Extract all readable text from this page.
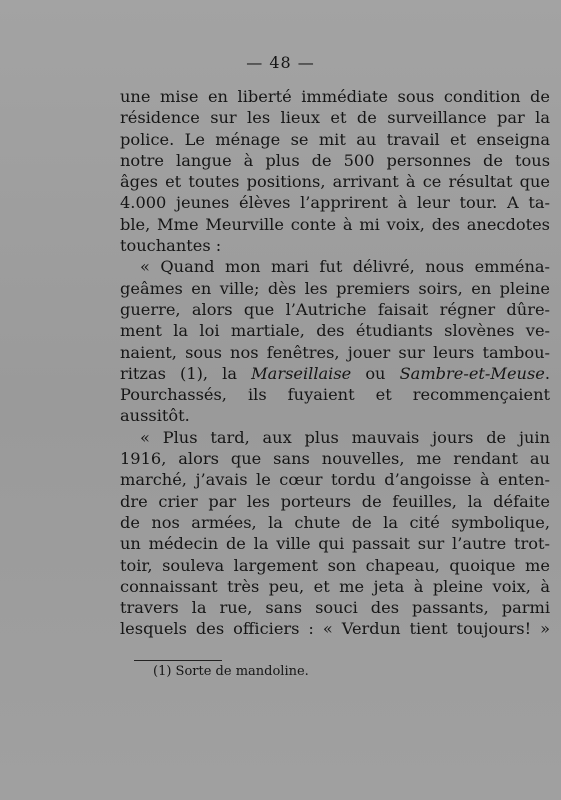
— 48 —
une mise en liberté immédiate sous condition de
résidence sur les lieux et de surveillance par la
police. Le ménage se mit au travail et enseigna
notre langue à plus de 500 personnes de tous
âges et toutes positions, arrivant à ce résultat que
4.000 jeunes élèves l’apprirent à leur tour. A ta-
ble, Mme Meurville conte à mi voix, des anecdotes
touchantes :
« Quand mon mari fut délivré, nous emména-
geâmes en ville; dès les premiers soirs, en pleine
guerre, alors que l’Autriche faisait régner dûre-
ment la loi martiale, des étudiants slovènes ve-
naient, sous nos fenêtres, jouer sur leurs tambou-
ritzas (1), la Marseillaise ou Sambre-et-Meuse.
Pourchassés, ils fuyaient et recommençaient
aussitôt.
« Plus tard, aux plus mauvais jours de juin
1916, alors que sans nouvelles, me rendant au
marché, j’avais le cœur tordu d’angoisse à enten-
dre crier par les porteurs de feuilles, la défaite
de nos armées, la chute de la cité symbolique,
un médecin de la ville qui passait sur l’autre trot-
toir, souleva largement son chapeau, quoique me
connaissant très peu, et me jeta à pleine voix, à
travers la rue, sans souci des passants, parmi
lesquels des officiers : « Verdun tient toujours! »
(1) Sorte de mandoline.
